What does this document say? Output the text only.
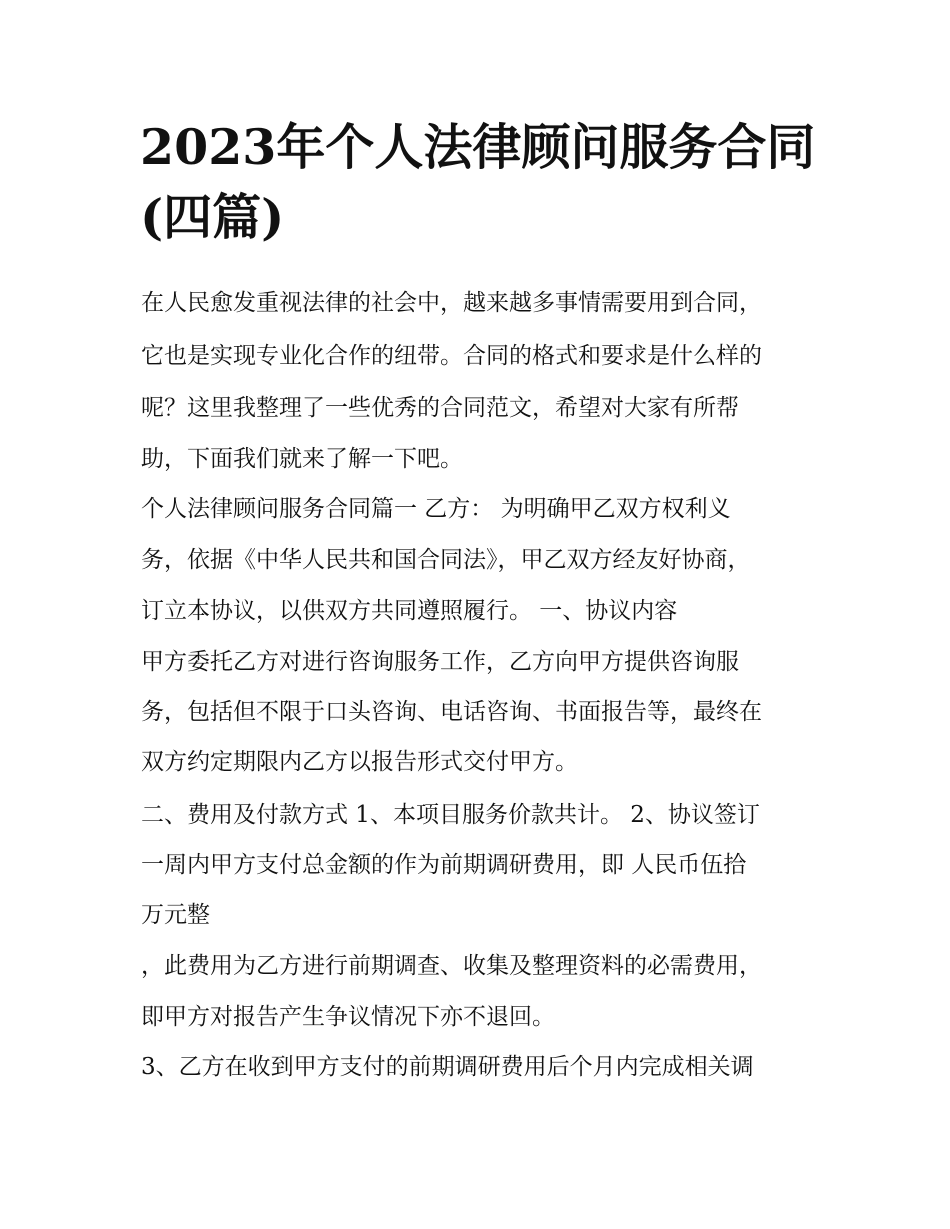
2023年个人法律顾问服务合同
(四篇)
在人民愈发重视法律的社会中，越来越多事情需要用到合同，
它也是实现专业化合作的纽带。合同的格式和要求是什么样的
呢？这里我整理了一些优秀的合同范文，希望对大家有所帮
助，下面我们就来了解一下吧。
个人法律顾问服务合同篇一 乙方： 为明确甲乙双方权利义
务，依据《中华人民共和国合同法》，甲乙双方经友好协商，
订立本协议，以供双方共同遵照履行。 一、协议内容
甲方委托乙方对进行咨询服务工作，乙方向甲方提供咨询服
务，包括但不限于口头咨询、电话咨询、书面报告等，最终在
双方约定期限内乙方以报告形式交付甲方。
二、费用及付款方式 1、本项目服务价款共计。 2、协议签订
一周内甲方支付总金额的作为前期调研费用，即 人民币伍拾
万元整
，此费用为乙方进行前期调查、收集及整理资料的必需费用，
即甲方对报告产生争议情况下亦不退回。
3、乙方在收到甲方支付的前期调研费用后个月内完成相关调
